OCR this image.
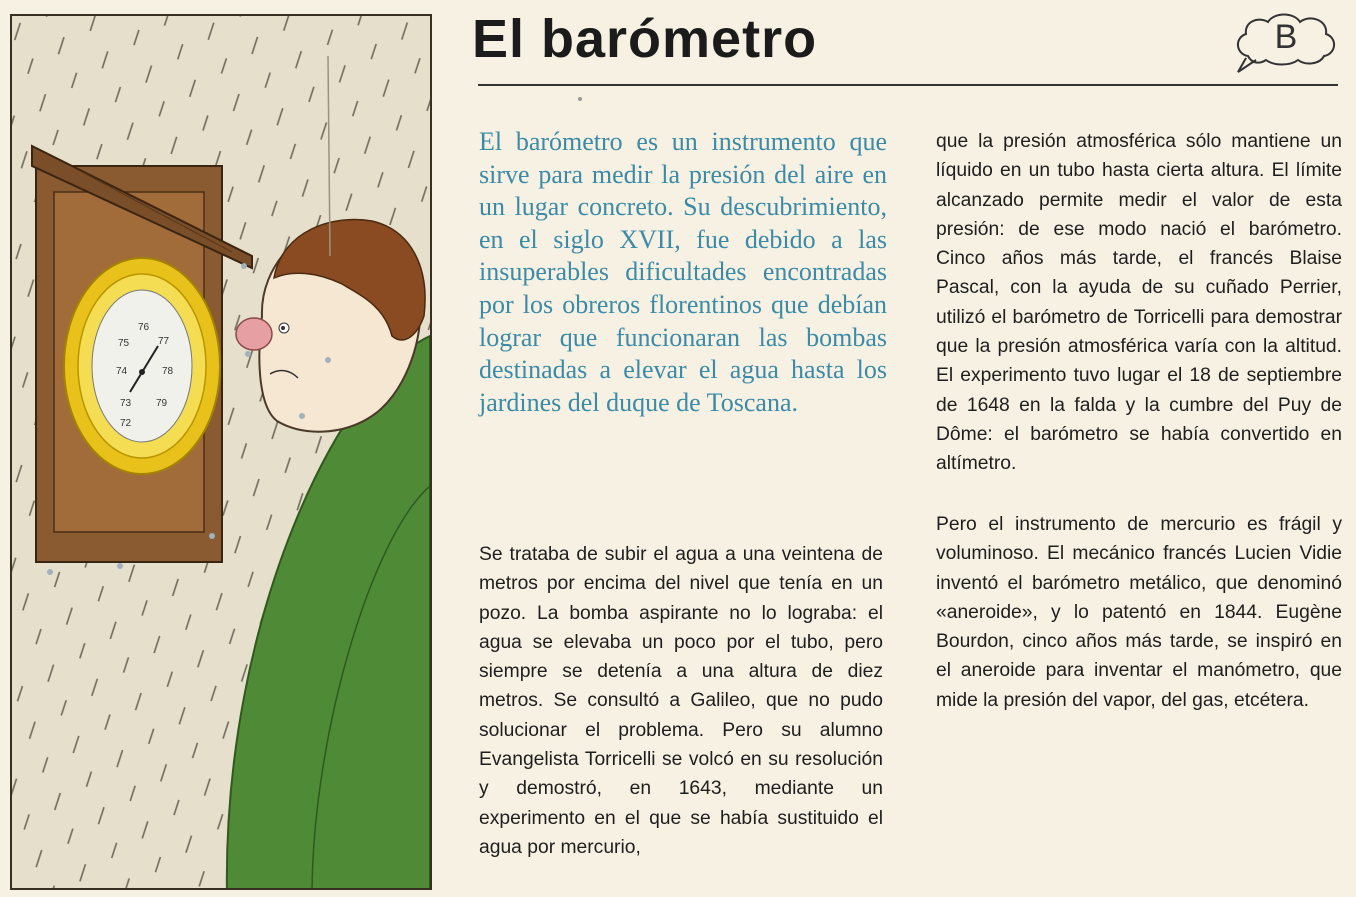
72
73
74
75
76
77
78
79
El barómetro	B

El barómetro es un instrumento que sirve para medir la presión del aire en un lugar concreto. Su descubrimiento, en el siglo XVII, fue debido a las insuperables dificultades encontradas por los obreros florentinos que debían lograr que funcionaran las bombas destinadas a elevar el agua hasta los jardines del duque de Toscana.

Se trataba de subir el agua a una veintena de metros por encima del nivel que tenía en un pozo. La bomba aspirante no lo lograba: el agua se elevaba un poco por el tubo, pero siempre se detenía a una altura de diez metros. Se consultó a Galileo, que no pudo solucionar el problema. Pero su alumno Evangelista Torricelli se volcó en su resolución y demostró, en 1643, mediante un experimento en el que se había sustituido el agua por mercurio,

que la presión atmosférica sólo mantiene un líquido en un tubo hasta cierta altura. El límite alcanzado permite medir el valor de esta presión: de ese modo nació el barómetro. Cinco años más tarde, el francés Blaise Pascal, con la ayuda de su cuñado Perrier, utilizó el barómetro de Torricelli para demostrar que la presión atmosférica varía con la altitud. El experimento tuvo lugar el 18 de septiembre de 1648 en la falda y la cumbre del Puy de Dôme: el barómetro se había convertido en altímetro.

Pero el instrumento de mercurio es frágil y voluminoso. El mecánico francés Lucien Vidie inventó el barómetro metálico, que denominó «aneroide», y lo patentó en 1844. Eugène Bourdon, cinco años más tarde, se inspiró en el aneroide para inventar el manómetro, que mide la presión del vapor, del gas, etcétera.
